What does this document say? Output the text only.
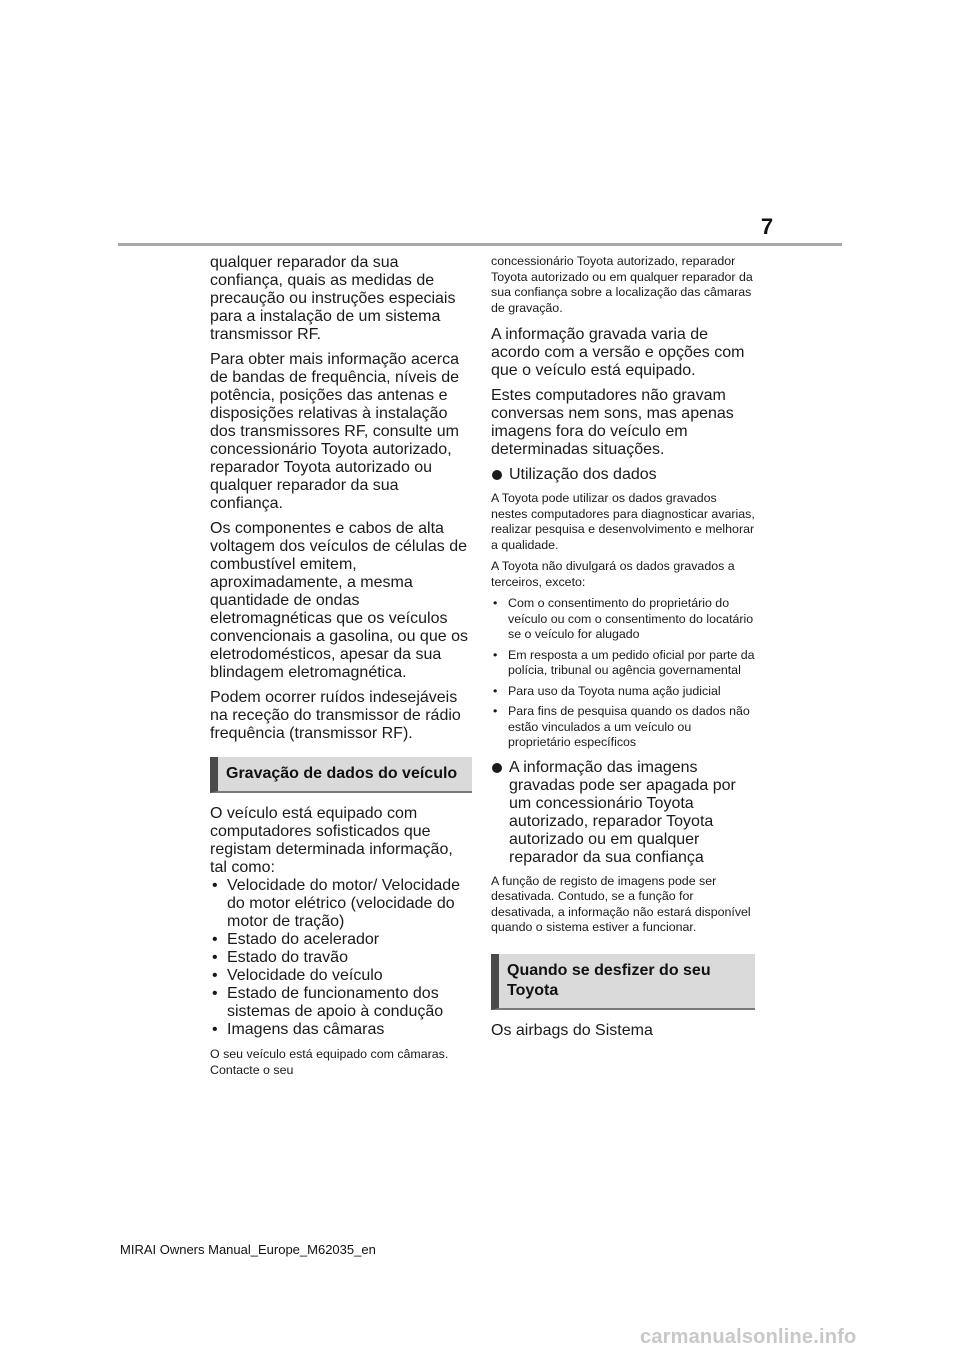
7

qualquer reparador da sua confiança, quais as medidas de precaução ou instruções especiais para a instalação de um sistema transmissor RF.

Para obter mais informação acerca de bandas de frequência, níveis de potência, posições das antenas e disposições relativas à instalação dos transmissores RF, consulte um concessionário Toyota autorizado, reparador Toyota autorizado ou qualquer reparador da sua confiança.

Os componentes e cabos de alta voltagem dos veículos de células de combustível emitem, aproximadamente, a mesma quantidade de ondas eletromagnéticas que os veículos convencionais a gasolina, ou que os eletrodomésticos, apesar da sua blindagem eletromagnética.

Podem ocorrer ruídos indesejáveis na receção do transmissor de rádio frequência (transmissor RF).

Gravação de dados do veículo

O veículo está equipado com computadores sofisticados que registam determinada informação, tal como:

• Velocidade do motor/ Velocidade do motor elétrico (velocidade do motor de tração)
• Estado do acelerador
• Estado do travão
• Velocidade do veículo
• Estado de funcionamento dos sistemas de apoio à condução
• Imagens das câmaras

O seu veículo está equipado com câmaras. Contacte o seu

concessionário Toyota autorizado, reparador Toyota autorizado ou em qualquer reparador da sua confiança sobre a localização das câmaras de gravação.

A informação gravada varia de acordo com a versão e opções com que o veículo está equipado.

Estes computadores não gravam conversas nem sons, mas apenas imagens fora do veículo em determinadas situações.

Utilização dos dados

A Toyota pode utilizar os dados gravados nestes computadores para diagnosticar avarias, realizar pesquisa e desenvolvimento e melhorar a qualidade.

A Toyota não divulgará os dados gravados a terceiros, exceto:

• Com o consentimento do proprietário do veículo ou com o consentimento do locatário se o veículo for alugado
• Em resposta a um pedido oficial por parte da polícia, tribunal ou agência governamental
• Para uso da Toyota numa ação judicial
• Para fins de pesquisa quando os dados não estão vinculados a um veículo ou proprietário específicos
A informação das imagens gravadas pode ser apagada por um concessionário Toyota autorizado, reparador Toyota autorizado ou em qualquer reparador da sua confiança

A função de registo de imagens pode ser desativada. Contudo, se a função for desativada, a informação não estará disponível quando o sistema estiver a funcionar.

Quando se desfizer do seu Toyota

Os airbags do Sistema

MIRAI Owners Manual_Europe_M62035_en
carmanualsonline.info
